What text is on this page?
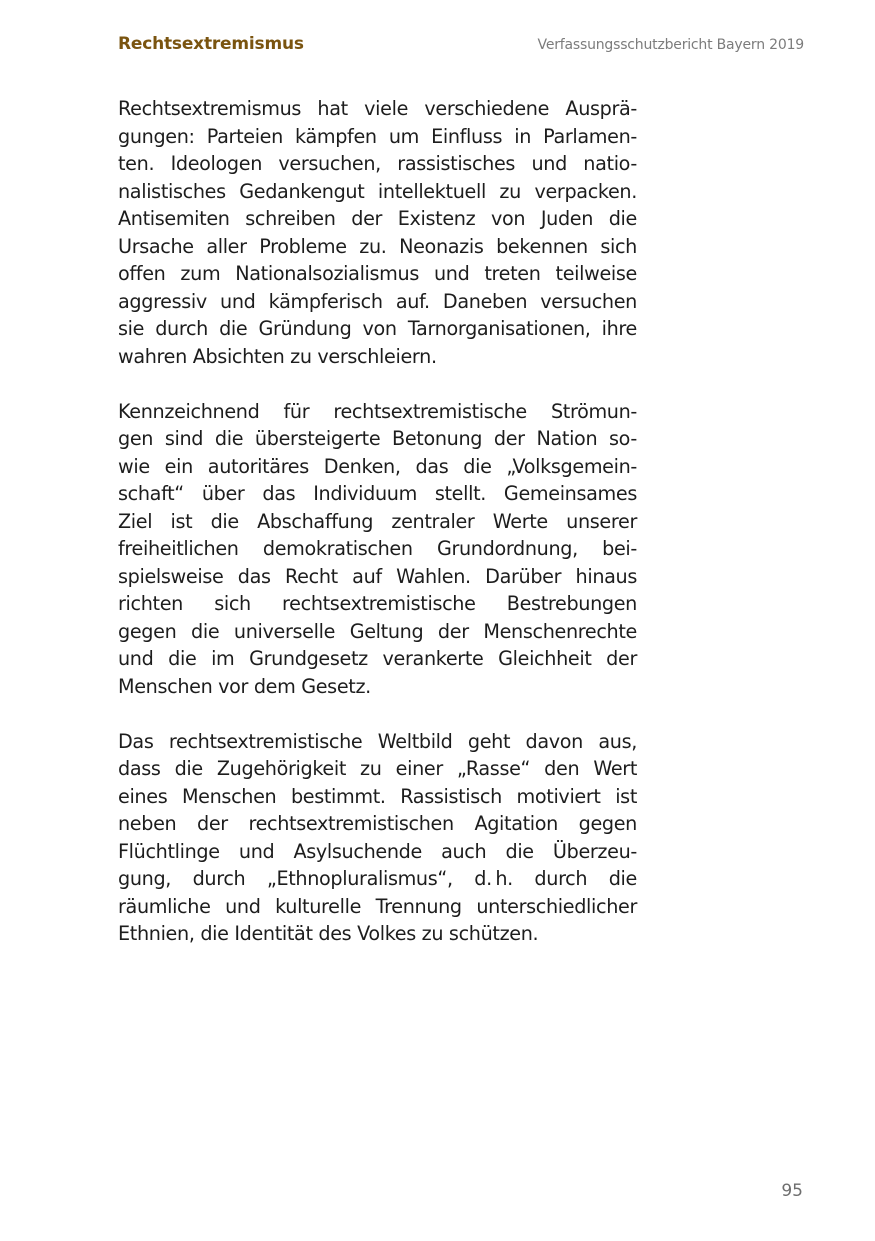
Rechtsextremismus	Verfassungsschutzbericht Bayern 2019

Rechtsextremismus hat viele verschiedene Ausprä-
gungen: Parteien kämpfen um Einfluss in Parlamen-
ten. Ideologen versuchen, rassistisches und natio-
nalistisches Gedankengut intellektuell zu verpacken.
Antisemiten schreiben der Existenz von Juden die
Ursache aller Probleme zu. Neonazis bekennen sich
offen zum Nationalsozialismus und treten teilweise
aggressiv und kämpferisch auf. Daneben versuchen
sie durch die Gründung von Tarnorganisationen, ihre
wahren Absichten zu verschleiern.

Kennzeichnend für rechtsextremistische Strömun-
gen sind die übersteigerte Betonung der Nation so-
wie ein autoritäres Denken, das die „Volksgemein-
schaft“ über das Individuum stellt. Gemeinsames
Ziel ist die Abschaffung zentraler Werte unserer
freiheitlichen demokratischen Grundordnung, bei-
spielsweise das Recht auf Wahlen. Darüber hinaus
richten sich rechtsextremistische Bestrebungen
gegen die universelle Geltung der Menschenrechte
und die im Grundgesetz verankerte Gleichheit der
Menschen vor dem Gesetz.

Das rechtsextremistische Weltbild geht davon aus,
dass die Zugehörigkeit zu einer „Rasse“ den Wert
eines Menschen bestimmt. Rassistisch motiviert ist
neben der rechtsextremistischen Agitation gegen
Flüchtlinge und Asylsuchende auch die Überzeu-
gung, durch „Ethnopluralismus“, d. h. durch die
räumliche und kulturelle Trennung unterschiedlicher
Ethnien, die Identität des Volkes zu schützen.

95
